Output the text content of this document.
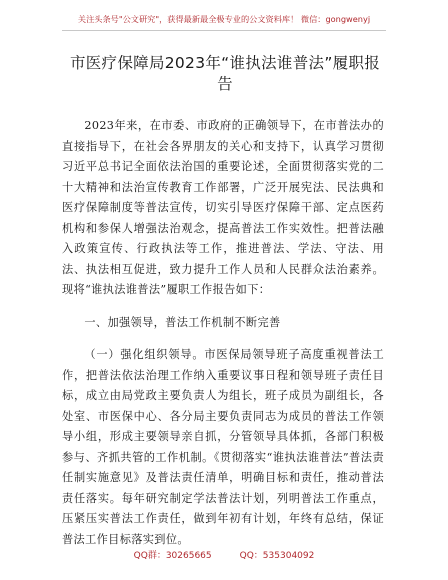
关注头条号"公文研究"，获得最新最全极专业的公文资料库！ 微信：gongwenyj
市医疗保障局2023年“谁执法谁普法”履职报告

2023年来，在市委、市政府的正确领导下，在市普法办的直接指导下，在社会各界朋友的关心和支持下，认真学习贯彻习近平总书记全面依法治国的重要论述，全面贯彻落实党的二十大精神和法治宣传教育工作部署，广泛开展宪法、民法典和医疗保障制度等普法宣传，切实引导医疗保障干部、定点医药机构和参保人增强法治观念，提高普法工作实效性。把普法融入政策宣传、行政执法等工作，推进普法、学法、守法、用法、执法相互促进，致力提升工作人员和人民群众法治素养。现将“谁执法谁普法”履职工作报告如下：

一、加强领导，普法工作机制不断完善

（一）强化组织领导。市医保局领导班子高度重视普法工作，把普法依法治理工作纳入重要议事日程和领导班子责任目标，成立由局党政主要负责人为组长，班子成员为副组长，各处室、市医保中心、各分局主要负责同志为成员的普法工作领导小组，形成主要领导亲自抓，分管领导具体抓，各部门积极参与、齐抓共管的工作机制。《贯彻落实“谁执法谁普法”普法责任制实施意见》及普法责任清单，明确目标和责任，推动普法责任落实。每年研究制定学法普法计划，列明普法工作重点，压紧压实普法工作责任，做到年初有计划，年终有总结，保证普法工作目标落实到位。

QQ群：30265665	QQ：535304092
